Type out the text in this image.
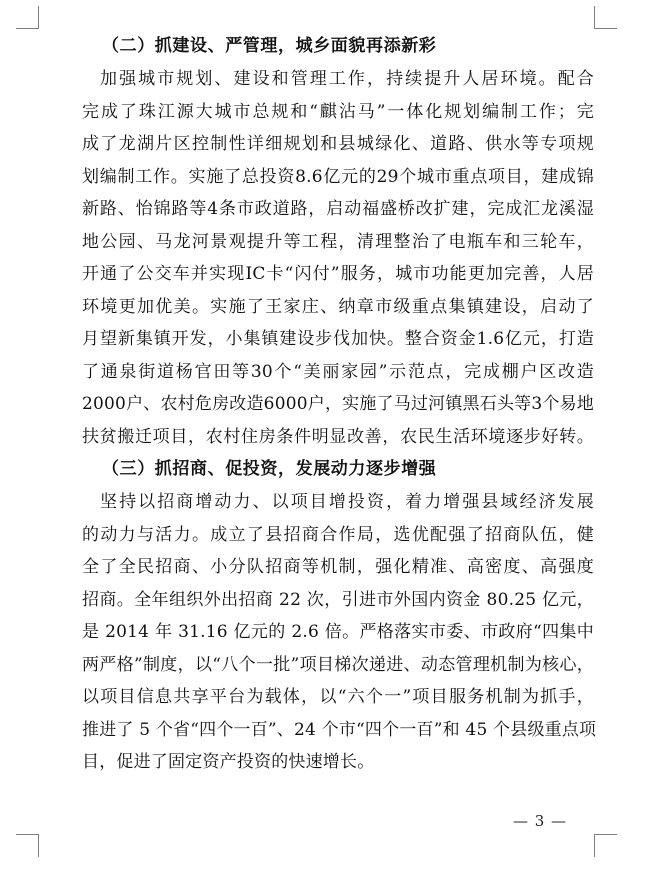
（二）抓建设、严管理，城乡面貌再添新彩

加强城市规划、建设和管理工作，持续提升人居环境。配合
完成了珠江源大城市总规和“麒沾马”一体化规划编制工作；完
成了龙湖片区控制性详细规划和县城绿化、道路、供水等专项规
划编制工作。实施了总投资8.6亿元的29个城市重点项目，建成锦
新路、怡锦路等4条市政道路，启动福盛桥改扩建，完成汇龙溪湿
地公园、马龙河景观提升等工程，清理整治了电瓶车和三轮车，
开通了公交车并实现IC卡“闪付”服务，城市功能更加完善，人居
环境更加优美。实施了王家庄、纳章市级重点集镇建设，启动了
月望新集镇开发，小集镇建设步伐加快。整合资金1.6亿元，打造
了通泉街道杨官田等30个“美丽家园”示范点，完成棚户区改造
2000户、农村危房改造6000户，实施了马过河镇黑石头等3个易地
扶贫搬迁项目，农村住房条件明显改善，农民生活环境逐步好转。

（三）抓招商、促投资，发展动力逐步增强

坚持以招商增动力、以项目增投资，着力增强县域经济发展
的动力与活力。成立了县招商合作局，选优配强了招商队伍，健
全了全民招商、小分队招商等机制，强化精准、高密度、高强度
招商。全年组织外出招商 22 次，引进市外国内资金 80.25 亿元，
是 2014 年 31.16 亿元的 2.6 倍。严格落实市委、市政府“四集中
两严格”制度，以“八个一批”项目梯次递进、动态管理机制为核心，
以项目信息共享平台为载体，以“六个一”项目服务机制为抓手，
推进了 5 个省“四个一百”、24 个市“四个一百”和 45 个县级重点项
目，促进了固定资产投资的快速增长。

— 3 —
